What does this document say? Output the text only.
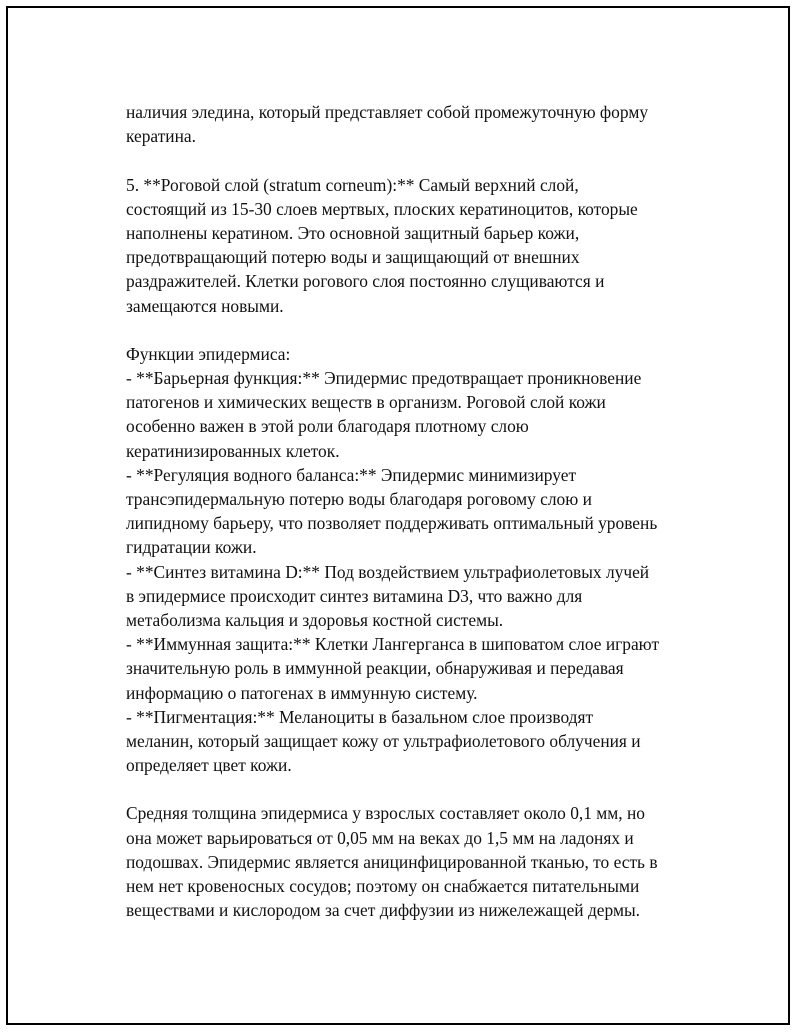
наличия элединa, который представляет собой промежуточную форму
кератина.
5. **Роговой слой (stratum corneum):** Самый верхний слой,
состоящий из 15-30 слоев мертвых, плоских кератиноцитов, которые
наполнены кератином. Это основной защитный барьер кожи,
предотвращающий потерю воды и защищающий от внешних
раздражителей. Клетки рогового слоя постоянно слущиваются и
замещаются новыми.
Функции эпидермиса:
- **Барьерная функция:** Эпидермис предотвращает проникновение
патогенов и химических веществ в организм. Роговой слой кожи
особенно важен в этой роли благодаря плотному слою
кератинизированных клеток.
- **Регуляция водного баланса:** Эпидермис минимизирует
трансэпидермальную потерю воды благодаря роговому слою и
липидному барьеру, что позволяет поддерживать оптимальный уровень
гидратации кожи.
- **Синтез витамина D:** Под воздействием ультрафиолетовых лучей
в эпидермисе происходит синтез витамина D3, что важно для
метаболизма кальция и здоровья костной системы.
- **Иммунная защита:** Клетки Лангерганса в шиповатом слое играют
значительную роль в иммунной реакции, обнаруживая и передавая
информацию о патогенах в иммунную систему.
- **Пигментация:** Меланоциты в базальном слое производят
меланин, который защищает кожу от ультрафиолетового облучения и
определяет цвет кожи.
Средняя толщина эпидермиса у взрослых составляет около 0,1 мм, но
она может варьироваться от 0,05 мм на веках до 1,5 мм на ладонях и
подошвах. Эпидермис является аницинфицированной тканью, то есть в
нем нет кровеносных сосудов; поэтому он снабжается питательными
веществами и кислородом за счет диффузии из нижележащей дермы.
